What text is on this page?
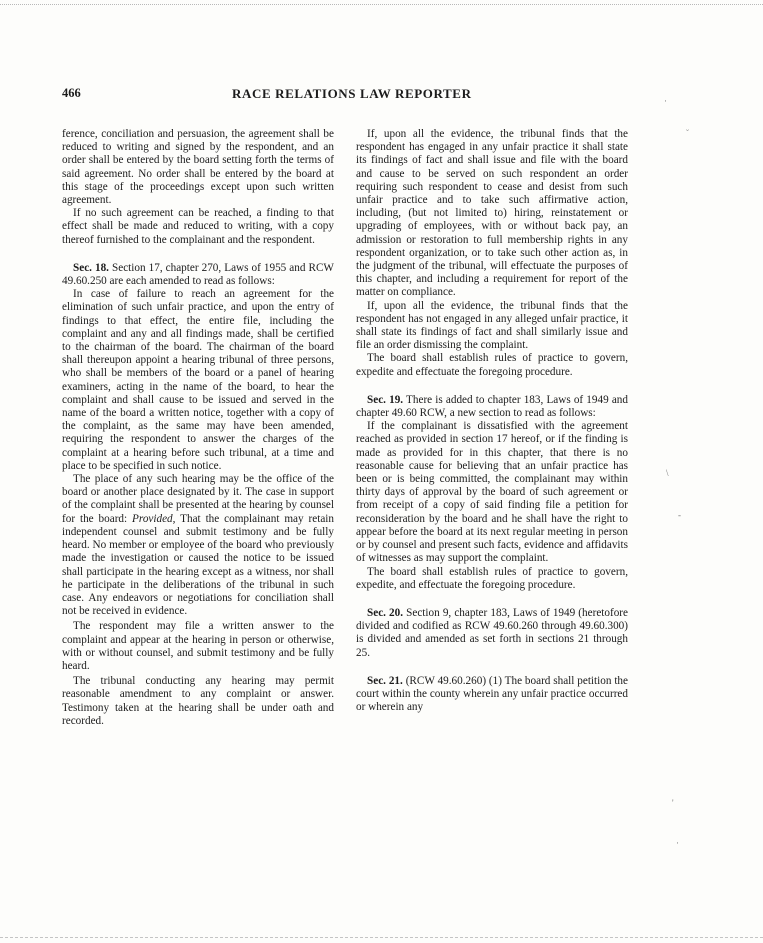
466	RACE RELATIONS LAW REPORTER

ference, conciliation and persuasion, the agreement shall be reduced to writing and signed by the respondent, and an order shall be entered by the board setting forth the terms of said agreement. No order shall be entered by the board at this stage of the proceedings except upon such written agreement.

If no such agreement can be reached, a finding to that effect shall be made and reduced to writing, with a copy thereof furnished to the complainant and the respondent.

Sec. 18. Section 17, chapter 270, Laws of 1955 and RCW 49.60.250 are each amended to read as follows:

In case of failure to reach an agreement for the elimination of such unfair practice, and upon the entry of findings to that effect, the entire file, including the complaint and any and all findings made, shall be certified to the chairman of the board. The chairman of the board shall thereupon appoint a hearing tribunal of three persons, who shall be members of the board or a panel of hearing examiners, acting in the name of the board, to hear the complaint and shall cause to be issued and served in the name of the board a written notice, together with a copy of the complaint, as the same may have been amended, requiring the respondent to answer the charges of the complaint at a hearing before such tribunal, at a time and place to be specified in such notice.

The place of any such hearing may be the office of the board or another place designated by it. The case in support of the complaint shall be presented at the hearing by counsel for the board: Provided, That the complainant may retain independent counsel and submit testimony and be fully heard. No member or employee of the board who previously made the investigation or caused the notice to be issued shall participate in the hearing except as a witness, nor shall he participate in the deliberations of the tribunal in such case. Any endeavors or negotiations for conciliation shall not be received in evidence.

The respondent may file a written answer to the complaint and appear at the hearing in person or otherwise, with or without counsel, and submit testimony and be fully heard.

The tribunal conducting any hearing may permit reasonable amendment to any complaint or answer. Testimony taken at the hearing shall be under oath and recorded.

If, upon all the evidence, the tribunal finds that the respondent has engaged in any unfair practice it shall state its findings of fact and shall issue and file with the board and cause to be served on such respondent an order requiring such respondent to cease and desist from such unfair practice and to take such affirmative action, including, (but not limited to) hiring, reinstatement or upgrading of employees, with or without back pay, an admission or restoration to full membership rights in any respondent organization, or to take such other action as, in the judgment of the tribunal, will effectuate the purposes of this chapter, and including a requirement for report of the matter on compliance.

If, upon all the evidence, the tribunal finds that the respondent has not engaged in any alleged unfair practice, it shall state its findings of fact and shall similarly issue and file an order dismissing the complaint.

The board shall establish rules of practice to govern, expedite and effectuate the foregoing procedure.

Sec. 19. There is added to chapter 183, Laws of 1949 and chapter 49.60 RCW, a new section to read as follows:

If the complainant is dissatisfied with the agreement reached as provided in section 17 hereof, or if the finding is made as provided for in this chapter, that there is no reasonable cause for believing that an unfair practice has been or is being committed, the complainant may within thirty days of approval by the board of such agreement or from receipt of a copy of said finding file a petition for reconsideration by the board and he shall have the right to appear before the board at its next regular meeting in person or by counsel and present such facts, evidence and affidavits of witnesses as may support the complaint.

The board shall establish rules of practice to govern, expedite, and effectuate the foregoing procedure.

Sec. 20. Section 9, chapter 183, Laws of 1949 (heretofore divided and codified as RCW 49.60.260 through 49.60.300) is divided and amended as set forth in sections 21 through 25.

Sec. 21. (RCW 49.60.260) (1) The board shall petition the court within the county wherein any unfair practice occurred or wherein any

·
˘
\
-
'
·
